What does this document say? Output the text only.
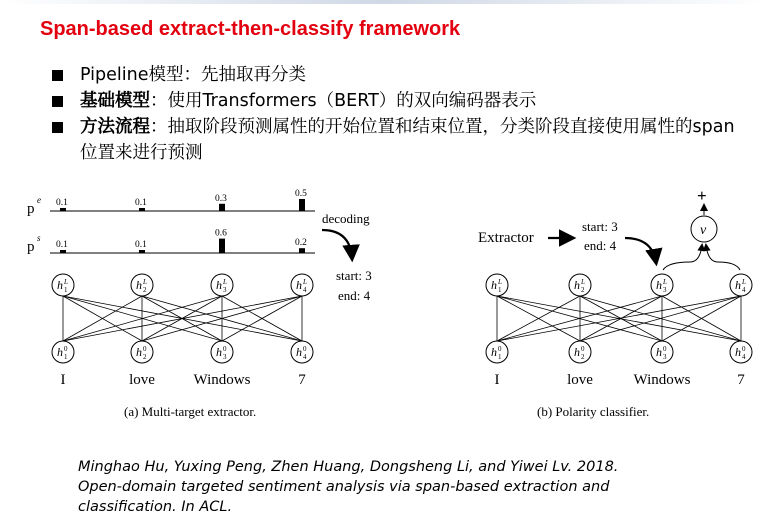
Span-based extract-then-classify framework
Pipeline模型：先抽取再分类
基础模型：使用Transformers（BERT）的双向编码器表示
方法流程：抽取阶段预测属性的开始位置和结束位置，分类阶段直接使用属性的span位置来进行预测
p
e 0.1	0.1	0.3	0.5
p
s
0.1	0.1
0.6
0.2
decoding
start: 3
end: 4
h L
1
h 0
1
I
h L
2
h 0
2
love
h L
3
h 0
3
Windows
h L
4
h 0
4
7
(a) Multi-target extractor.
Extractor
start: 3
end: 4
v
+
h L
1
h 0
1
I
h L
2
h 0
2
love
h L
3
h 0
3
Windows
h L
4
h 0
4
7
(b) Polarity classifier.
Minghao Hu, Yuxing Peng, Zhen Huang, Dongsheng Li, and Yiwei Lv. 2018.
Open-domain targeted sentiment analysis via span-based extraction and
classification. In ACL.
